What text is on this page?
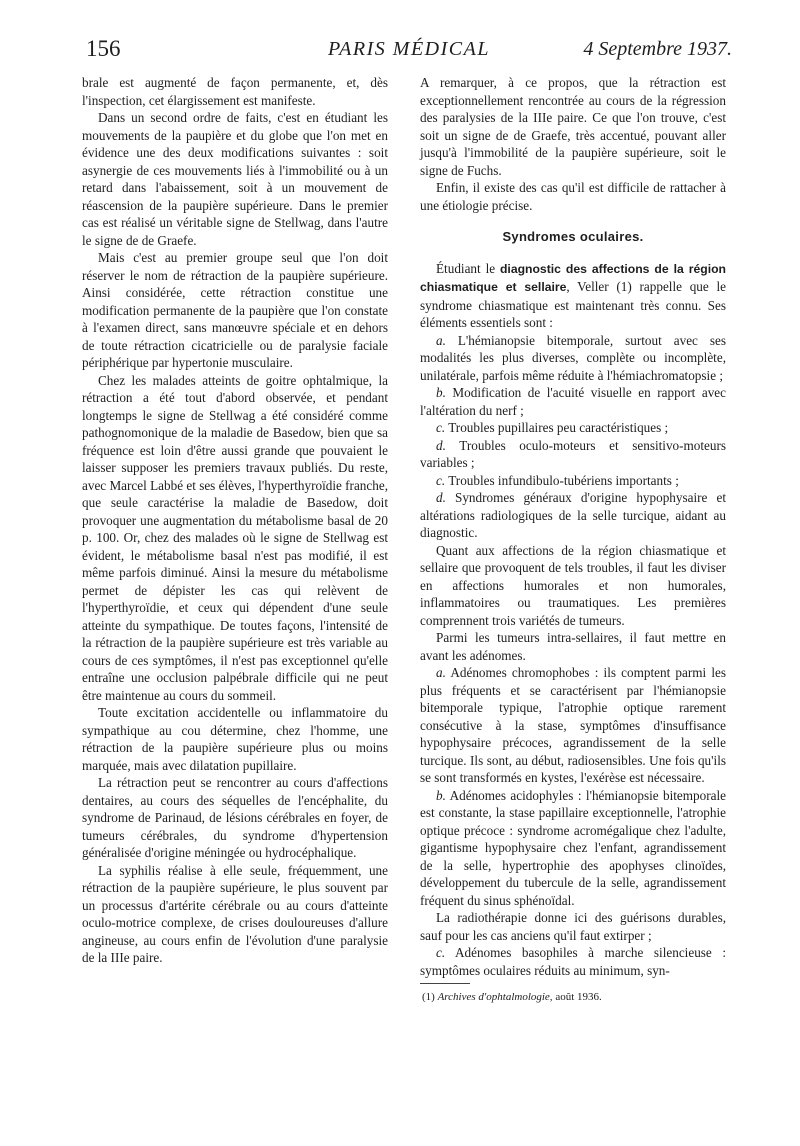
156	PARIS MÉDICAL	4 Septembre 1937.

brale est augmenté de façon permanente, et, dès l'inspection, cet élargissement est manifeste.

Dans un second ordre de faits, c'est en étudiant les mouvements de la paupière et du globe que l'on met en évidence une des deux modifications suivantes : soit asynergie de ces mouvements liés à l'immobilité ou à un retard dans l'abaissement, soit à un mouvement de réascension de la paupière supérieure. Dans le premier cas est réalisé un véritable signe de Stellwag, dans l'autre le signe de de Graefe.

Mais c'est au premier groupe seul que l'on doit réserver le nom de rétraction de la paupière supérieure. Ainsi considérée, cette rétraction constitue une modification permanente de la paupière que l'on constate à l'examen direct, sans manœuvre spéciale et en dehors de toute rétraction cicatricielle ou de paralysie faciale périphérique par hypertonie musculaire.

Chez les malades atteints de goitre ophtalmique, la rétraction a été tout d'abord observée, et pendant longtemps le signe de Stellwag a été considéré comme pathognomonique de la maladie de Basedow, bien que sa fréquence est loin d'être aussi grande que pouvaient le laisser supposer les premiers travaux publiés. Du reste, avec Marcel Labbé et ses élèves, l'hyperthyroïdie franche, que seule caractérise la maladie de Basedow, doit provoquer une augmentation du métabolisme basal de 20 p. 100. Or, chez des malades où le signe de Stellwag est évident, le métabolisme basal n'est pas modifié, il est même parfois diminué. Ainsi la mesure du métabolisme permet de dépister les cas qui relèvent de l'hyperthyroïdie, et ceux qui dépendent d'une seule atteinte du sympathique. De toutes façons, l'intensité de la rétraction de la paupière supérieure est très variable au cours de ces symptômes, il n'est pas exceptionnel qu'elle entraîne une occlusion palpébrale difficile qui ne peut être maintenue au cours du sommeil.

Toute excitation accidentelle ou inflammatoire du sympathique au cou détermine, chez l'homme, une rétraction de la paupière supérieure plus ou moins marquée, mais avec dilatation pupillaire.

La rétraction peut se rencontrer au cours d'affections dentaires, au cours des séquelles de l'encéphalite, du syndrome de Parinaud, de lésions cérébrales en foyer, de tumeurs cérébrales, du syndrome d'hypertension généralisée d'origine méningée ou hydrocéphalique.

La syphilis réalise à elle seule, fréquemment, une rétraction de la paupière supérieure, le plus souvent par un processus d'artérite cérébrale ou au cours d'atteinte oculo-motrice complexe, de crises douloureuses d'allure angineuse, au cours enfin de l'évolution d'une paralysie de la IIIe paire.

A remarquer, à ce propos, que la rétraction est exceptionnellement rencontrée au cours de la régression des paralysies de la IIIe paire. Ce que l'on trouve, c'est soit un signe de de Graefe, très accentué, pouvant aller jusqu'à l'immobilité de la paupière supérieure, soit le signe de Fuchs.

Enfin, il existe des cas qu'il est difficile de rattacher à une étiologie précise.

Syndromes oculaires.

Étudiant le diagnostic des affections de la région chiasmatique et sellaire, Veller (1) rappelle que le syndrome chiasmatique est maintenant très connu. Ses éléments essentiels sont :

a. L'hémianopsie bitemporale, surtout avec ses modalités les plus diverses, complète ou incomplète, unilatérale, parfois même réduite à l'hémiachromatopsie ;

b. Modification de l'acuité visuelle en rapport avec l'altération du nerf ;

c. Troubles pupillaires peu caractéristiques ;

d. Troubles oculo-moteurs et sensitivo-moteurs variables ;

c. Troubles infundibulo-tubériens importants ;

d. Syndromes généraux d'origine hypophysaire et altérations radiologiques de la selle turcique, aidant au diagnostic.

Quant aux affections de la région chiasmatique et sellaire que provoquent de tels troubles, il faut les diviser en affections humorales et non humorales, inflammatoires ou traumatiques. Les premières comprennent trois variétés de tumeurs.

Parmi les tumeurs intra-sellaires, il faut mettre en avant les adénomes.

a. Adénomes chromophobes : ils comptent parmi les plus fréquents et se caractérisent par l'hémianopsie bitemporale typique, l'atrophie optique rarement consécutive à la stase, symptômes d'insuffisance hypophysaire précoces, agrandissement de la selle turcique. Ils sont, au début, radiosensibles. Une fois qu'ils se sont transformés en kystes, l'exérèse est nécessaire.

b. Adénomes acidophyles : l'hémianopsie bitemporale est constante, la stase papillaire exceptionnelle, l'atrophie optique précoce : syndrome acromégalique chez l'adulte, gigantisme hypophysaire chez l'enfant, agrandissement de la selle, hypertrophie des apophyses clinoïdes, développement du tubercule de la selle, agrandissement fréquent du sinus sphénoïdal.

La radiothérapie donne ici des guérisons durables, sauf pour les cas anciens qu'il faut extirper ;

c. Adénomes basophiles à marche silencieuse : symptômes oculaires réduits au minimum, syn-

(1) Archives d'ophtalmologie, août 1936.
